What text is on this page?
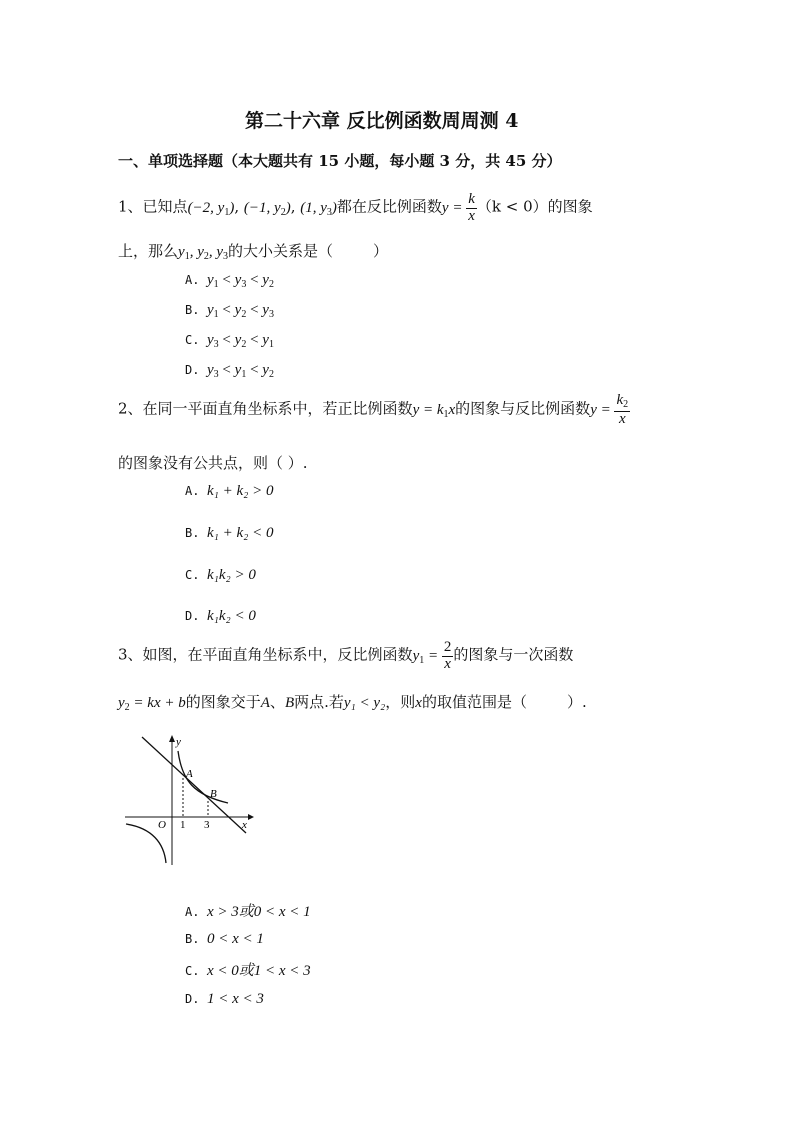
第二十六章 反比例函数周周测 4
一、单项选择题（本大题共有 15 小题，每小题 3 分，共 45 分）
1、已知点(−2, $y_1$), (−1, $y_2$), (1, $y_3$)都在反比例函数$y = \frac{k}{x} (k < 0)$的图象
上，那么$y_1$, $y_2$, $y_3$的大小关系是（	）
A. $y_1 < y_3 < y_2$
B. $y_1 < y_2 < y_3$
C. $y_3 < y_2 < y_1$
D. $y_3 < y_1 < y_2$
2、在同一平面直角坐标系中，若正比例函数$y = k_1x$的图象与反比例函数$y = \frac{k_2}{x}$
的图象没有公共点，则（ ）.
A. k₁ + k₂ > 0
B. k₁ + k₂ < 0
C. k₁k₂ > 0
D. k₁k₂ < 0
3、如图，在平面直角坐标系中，反比例函数$y_1 = \frac{2}{x}$ 的图象与一次函数
$y_2$ = kx + b的图象交于A、B两点.若y₁ < y₂，则x的取值范围是（	）.
y
x
O 1 3
A
B
A. x > 3或0 < x < 1
B. 0 < x < 1
C. x < 0或1 < x < 3
D. 1 < x < 3
